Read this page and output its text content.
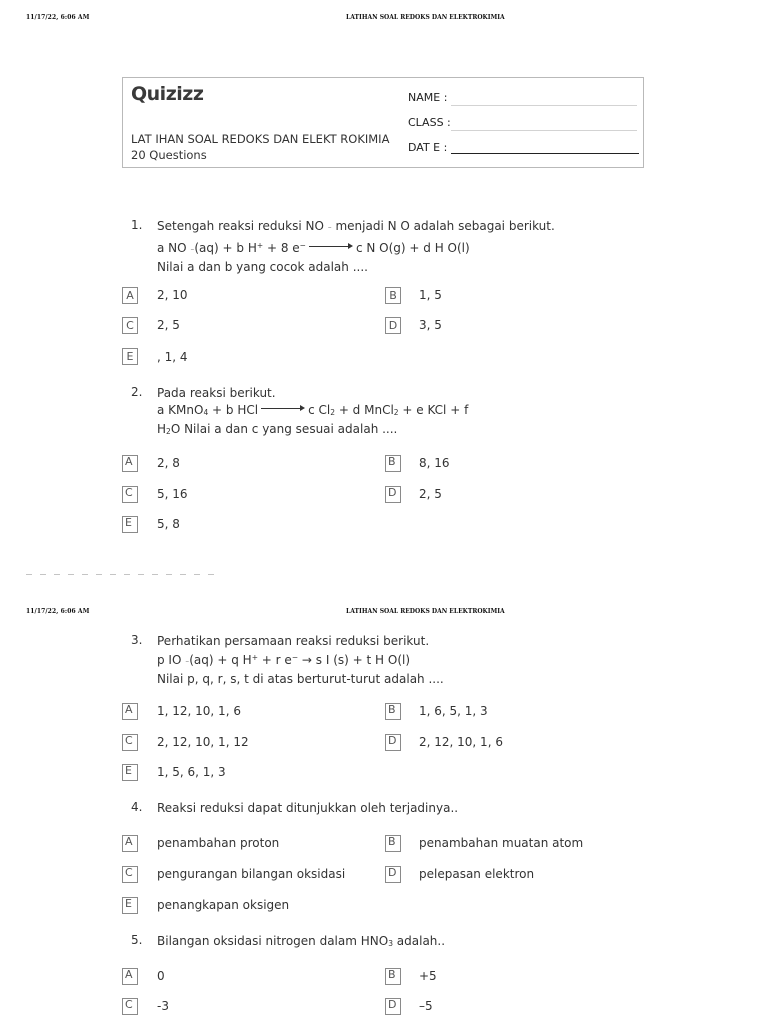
11/17/22, 6:06 AM	LATIHAN SOAL REDOKS DAN ELEKTROKIMIA
Quizizz
LAT IHAN SOAL REDOKS DAN ELEKT ROKIMIA
20 Questions
NAME :
CLASS :
DAT E :
1. Setengah reaksi reduksi NO ⁻ menjadi N O adalah sebagai berikut.
a NO ⁻(aq) + b H+ + 8 e−	c N O(g) + d H O(l)
Nilai a dan b yang cocok adalah ....
A	2, 10	B	1, 5
C	2, 5	D	3, 5
E	, 1, 4
2. Pada reaksi berikut.
a KMnO4 + b HCl	c Cl2 + d MnCl2 + e KCl + f
H2O Nilai a dan c yang sesuai adalah ....
A	2, 8	B	8, 16
C	5, 16	D	2, 5
E	5, 8
11/17/22, 6:06 AM	LATIHAN SOAL REDOKS DAN ELEKTROKIMIA
3. Perhatikan persamaan reaksi reduksi berikut.
p IO ⁻(aq) + q H+ + r e− → s I (s) + t H O(l)
Nilai p, q, r, s, t di atas berturut-turut adalah ....
A	1, 12, 10, 1, 6	B	1, 6, 5, 1, 3
C	2, 12, 10, 1, 12	D	2, 12, 10, 1, 6
E	1, 5, 6, 1, 3
4. Reaksi reduksi dapat ditunjukkan oleh terjadinya..
A	penambahan proton	B	penambahan muatan atom
C	pengurangan bilangan oksidasi	D	pelepasan elektron
E	penangkapan oksigen
5. Bilangan oksidasi nitrogen dalam HNO3 adalah..
A	0	B	+5
C	-3	D	–5
